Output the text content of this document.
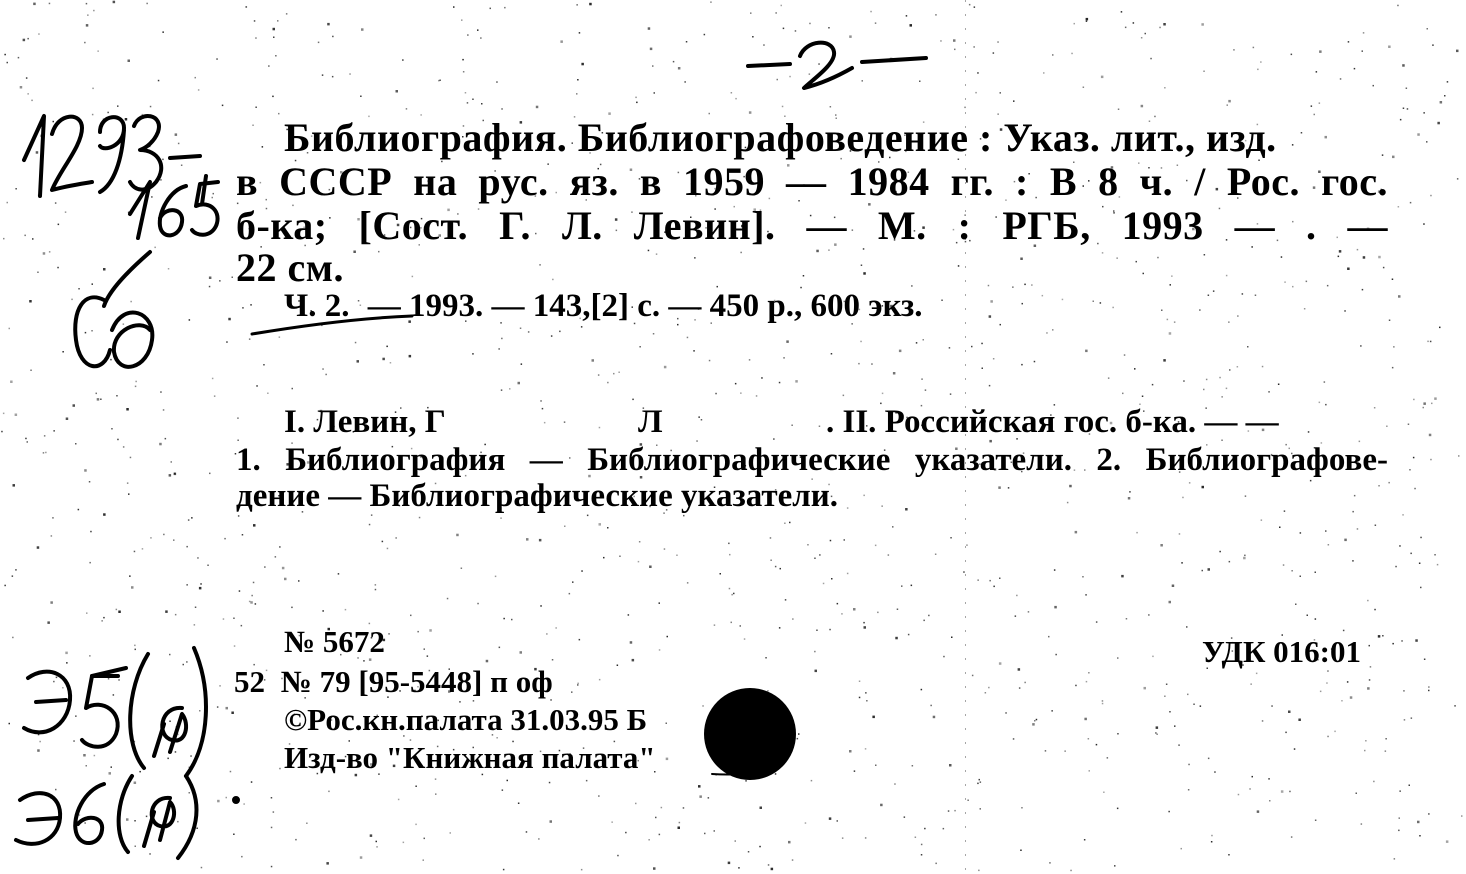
Библиография. Библиографоведение : Указ. лит., изд.
в СССР на рус. яз. в 1959 — 1984 гг. : В 8 ч. / Рос. гос.
б-ка; [Сост. Г. Л. Левин]. — М. : РГБ, 1993 — . —
22 см.
Ч. 2. — 1993. — 143,[2] с. — 450 р., 600 экз.
I. Левин, Г	Л	. II. Российская гос. б-ка. — —
1. Библиография — Библиографические указатели. 2. Библиографове-
дение — Библиографические указатели.
№ 5672
52 № 79 [95-5448] п оф
©Рос.кн.палата 31.03.95 Б
Изд-во "Книжная палата"
УДК 016:01
